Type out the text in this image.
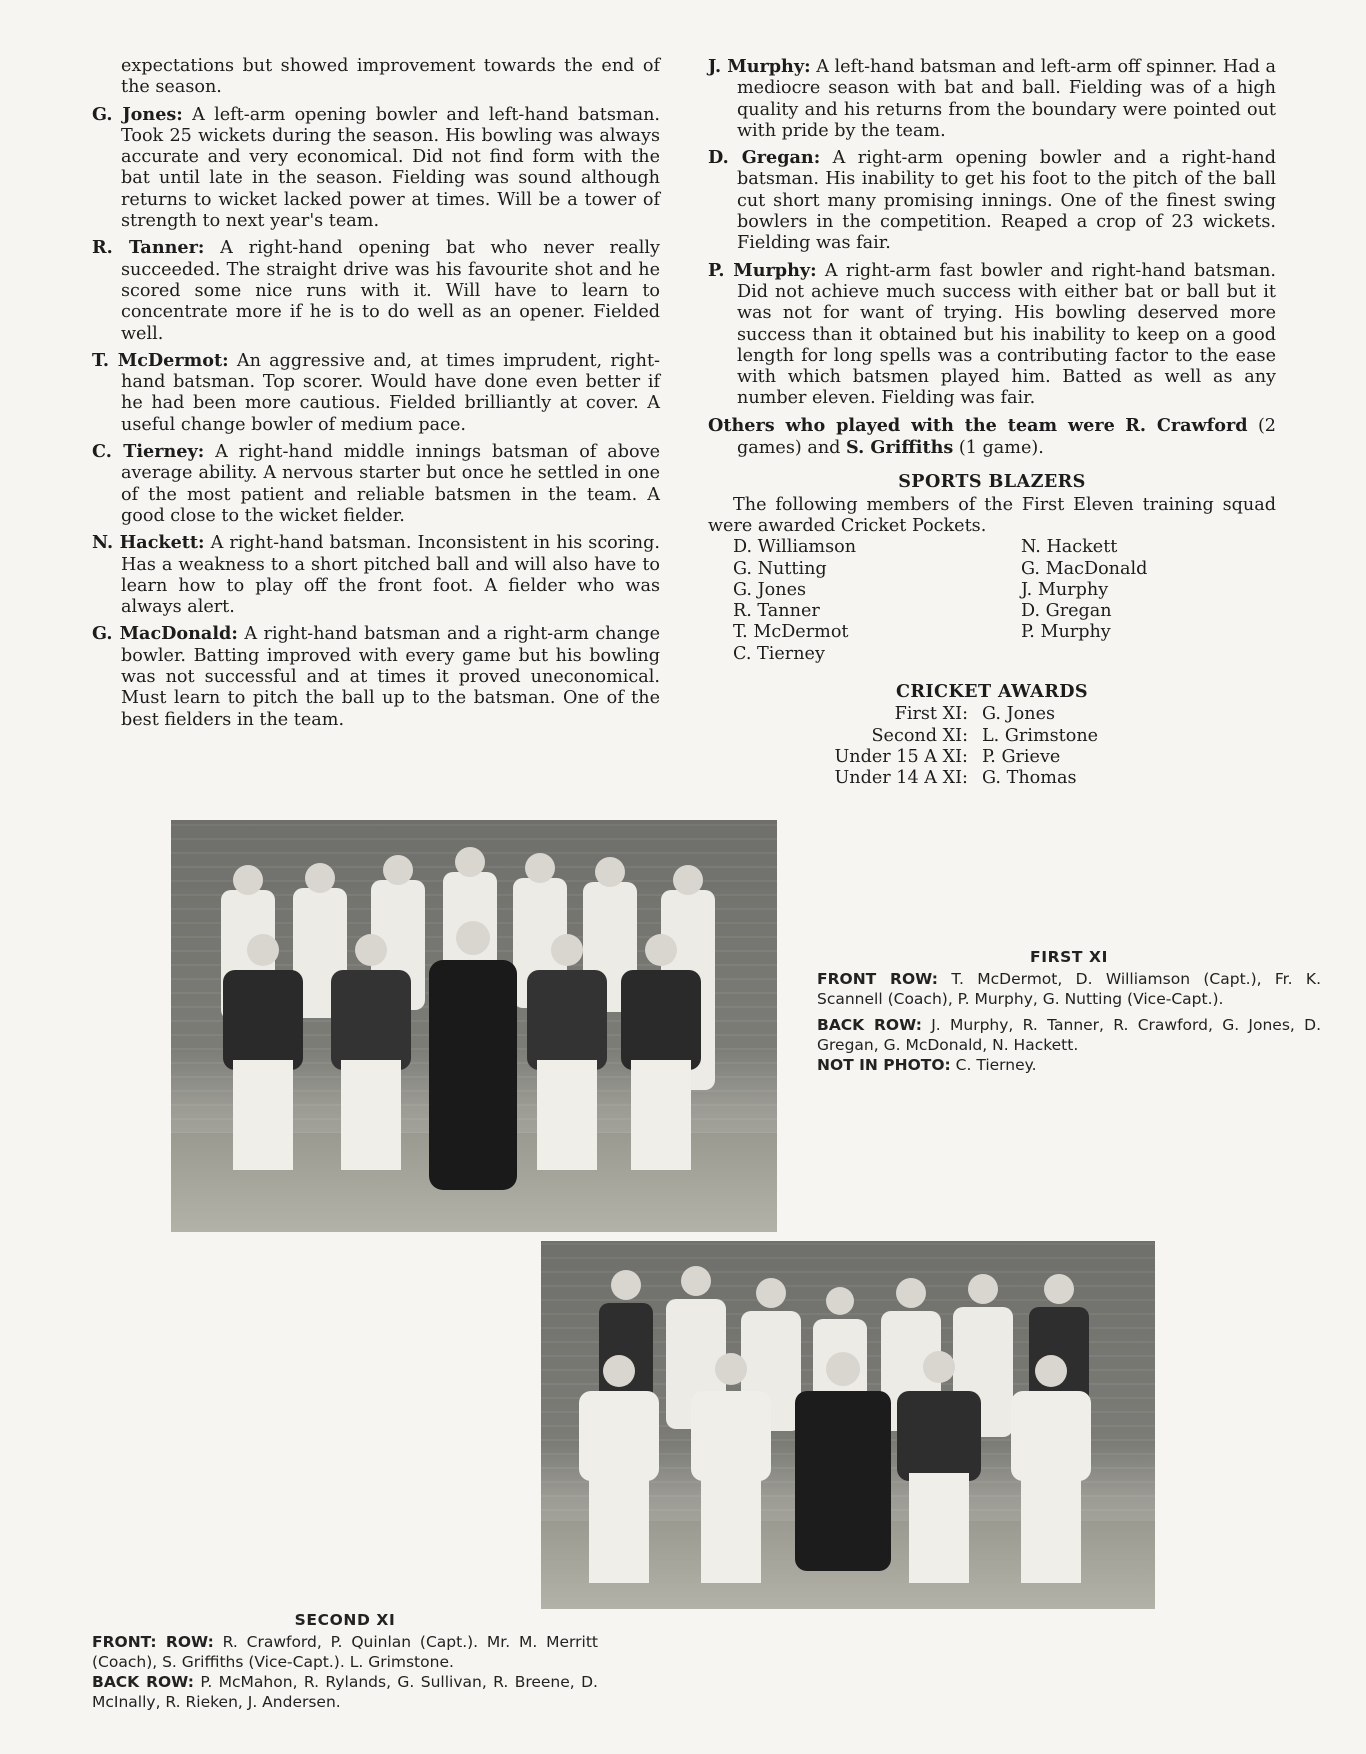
expectations but showed improvement towards the end of the season.

G. Jones: A left-arm opening bowler and left-hand batsman. Took 25 wickets during the season. His bowling was always accurate and very economical. Did not find form with the bat until late in the season. Fielding was sound although returns to wicket lacked power at times. Will be a tower of strength to next year's team.

R. Tanner: A right-hand opening bat who never really succeeded. The straight drive was his favourite shot and he scored some nice runs with it. Will have to learn to concentrate more if he is to do well as an opener. Fielded well.

T. McDermot: An aggressive and, at times imprudent, right-hand batsman. Top scorer. Would have done even better if he had been more cautious. Fielded brilliantly at cover. A useful change bowler of medium pace.

C. Tierney: A right-hand middle innings batsman of above average ability. A nervous starter but once he settled in one of the most patient and reliable batsmen in the team. A good close to the wicket fielder.

N. Hackett: A right-hand batsman. Inconsistent in his scoring. Has a weakness to a short pitched ball and will also have to learn how to play off the front foot. A fielder who was always alert.

G. MacDonald: A right-hand batsman and a right-arm change bowler. Batting improved with every game but his bowling was not successful and at times it proved uneconomical. Must learn to pitch the ball up to the batsman. One of the best fielders in the team.

J. Murphy: A left-hand batsman and left-arm off spinner. Had a mediocre season with bat and ball. Fielding was of a high quality and his returns from the boundary were pointed out with pride by the team.

D. Gregan: A right-arm opening bowler and a right-hand batsman. His inability to get his foot to the pitch of the ball cut short many promising innings. One of the finest swing bowlers in the competition. Reaped a crop of 23 wickets. Fielding was fair.

P. Murphy: A right-arm fast bowler and right-hand batsman. Did not achieve much success with either bat or ball but it was not for want of trying. His bowling deserved more success than it obtained but his inability to keep on a good length for long spells was a contributing factor to the ease with which batsmen played him. Batted as well as any number eleven. Fielding was fair.

Others who played with the team were R. Crawford (2 games) and S. Griffiths (1 game).

SPORTS BLAZERS

The following members of the First Eleven training squad were awarded Cricket Pockets.

D. Williamson
G. Nutting
G. Jones
R. Tanner
T. McDermot
C. Tierney
N. Hackett
G. MacDonald
J. Murphy
D. Gregan
P. Murphy
CRICKET AWARDS
First XI: G. Jones
Second XI: L. Grimstone
Under 15 A XI: P. Grieve
Under 14 A XI: G. Thomas
FIRST XI

FRONT ROW: T. McDermot, D. Williamson (Capt.), Fr. K. Scannell (Coach), P. Murphy, G. Nutting (Vice-Capt.).

BACK ROW: J. Murphy, R. Tanner, R. Crawford, G. Jones, D. Gregan, G. McDonald, N. Hackett.

NOT IN PHOTO: C. Tierney.

SECOND XI

FRONT: ROW: R. Crawford, P. Quinlan (Capt.). Mr. M. Merritt (Coach), S. Griffiths (Vice-Capt.). L. Grimstone.

BACK ROW: P. McMahon, R. Rylands, G. Sullivan, R. Breene, D. McInally, R. Rieken, J. Andersen.
